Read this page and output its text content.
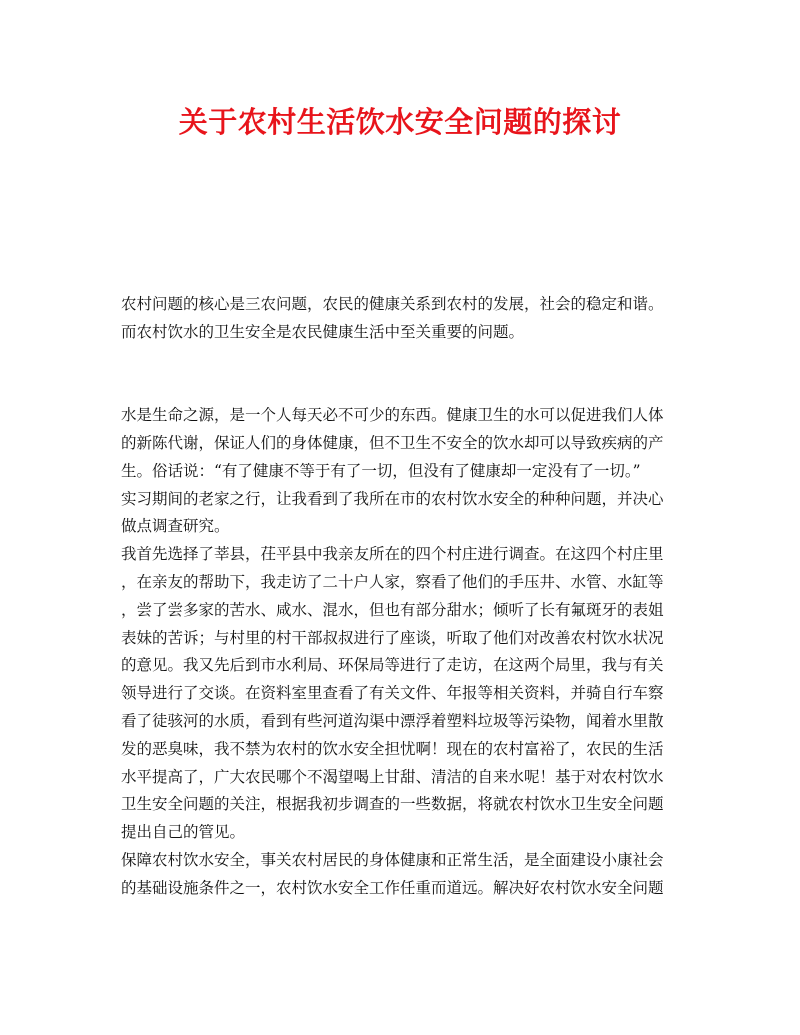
关于农村生活饮水安全问题的探讨

农村问题的核心是三农问题，农民的健康关系到农村的发展，社会的稳定和谐。
而农村饮水的卫生安全是农民健康生活中至关重要的问题。

水是生命之源，是一个人每天必不可少的东西。健康卫生的水可以促进我们人体
的新陈代谢，保证人们的身体健康，但不卫生不安全的饮水却可以导致疾病的产
生。俗话说：“有了健康不等于有了一切，但没有了健康却一定没有了一切。”
实习期间的老家之行，让我看到了我所在市的农村饮水安全的种种问题，并决心
做点调查研究。

我首先选择了莘县，茌平县中我亲友所在的四个村庄进行调查。在这四个村庄里
，在亲友的帮助下，我走访了二十户人家，察看了他们的手压井、水管、水缸等
，尝了尝多家的苦水、咸水、混水，但也有部分甜水；倾听了长有氟斑牙的表姐
表妹的苦诉；与村里的村干部叔叔进行了座谈，听取了他们对改善农村饮水状况
的意见。我又先后到市水利局、环保局等进行了走访，在这两个局里，我与有关
领导进行了交谈。在资料室里查看了有关文件、年报等相关资料，并骑自行车察
看了徒骇河的水质，看到有些河道沟渠中漂浮着塑料垃圾等污染物，闻着水里散
发的恶臭味，我不禁为农村的饮水安全担忧啊！现在的农村富裕了，农民的生活
水平提高了，广大农民哪个不渴望喝上甘甜、清洁的自来水呢！基于对农村饮水
卫生安全问题的关注，根据我初步调查的一些数据，将就农村饮水卫生安全问题
提出自己的管见。

保障农村饮水安全，事关农村居民的身体健康和正常生活，是全面建设小康社会
的基础设施条件之一，农村饮水安全工作任重而道远。解决好农村饮水安全问题
